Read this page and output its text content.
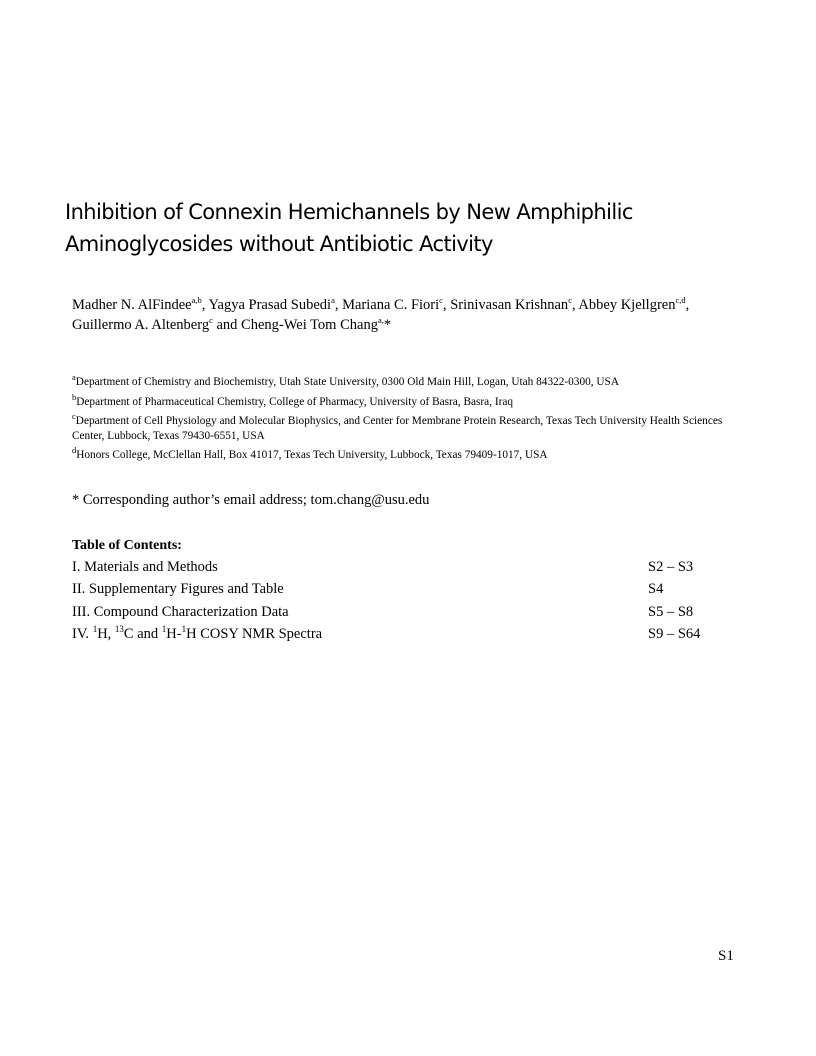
Inhibition of Connexin Hemichannels by New Amphiphilic
Aminoglycosides without Antibiotic Activity
Madher N. AlFindee$^{a,b}$, Yagya Prasad Subedi$^a$, Mariana C. Fiori$^c$, Srinivasan Krishnan$^c$, Abbey Kjellgren$^{c,d}$, Guillermo A. Altenberg$^c$ and Cheng-Wei Tom Chang$^{a,}$*
$^a$Department of Chemistry and Biochemistry, Utah State University, 0300 Old Main Hill, Logan, Utah 84322-0300, USA
$^b$Department of Pharmaceutical Chemistry, College of Pharmacy, University of Basra, Basra, Iraq
$^c$Department of Cell Physiology and Molecular Biophysics, and Center for Membrane Protein Research, Texas Tech University Health Sciences Center, Lubbock, Texas 79430-6551, USA
$^d$Honors College, McClellan Hall, Box 41017, Texas Tech University, Lubbock, Texas 79409-1017, USA
* Corresponding author’s email address; tom.chang@usu.edu
Table of Contents:
I. Materials and Methods	S2 – S3
II. Supplementary Figures and Table	S4
III. Compound Characterization Data	S5 – S8
IV. $^1$H, $^{13}$C and $^1$H-$^1$H COSY NMR Spectra	S9 – S64
S1
